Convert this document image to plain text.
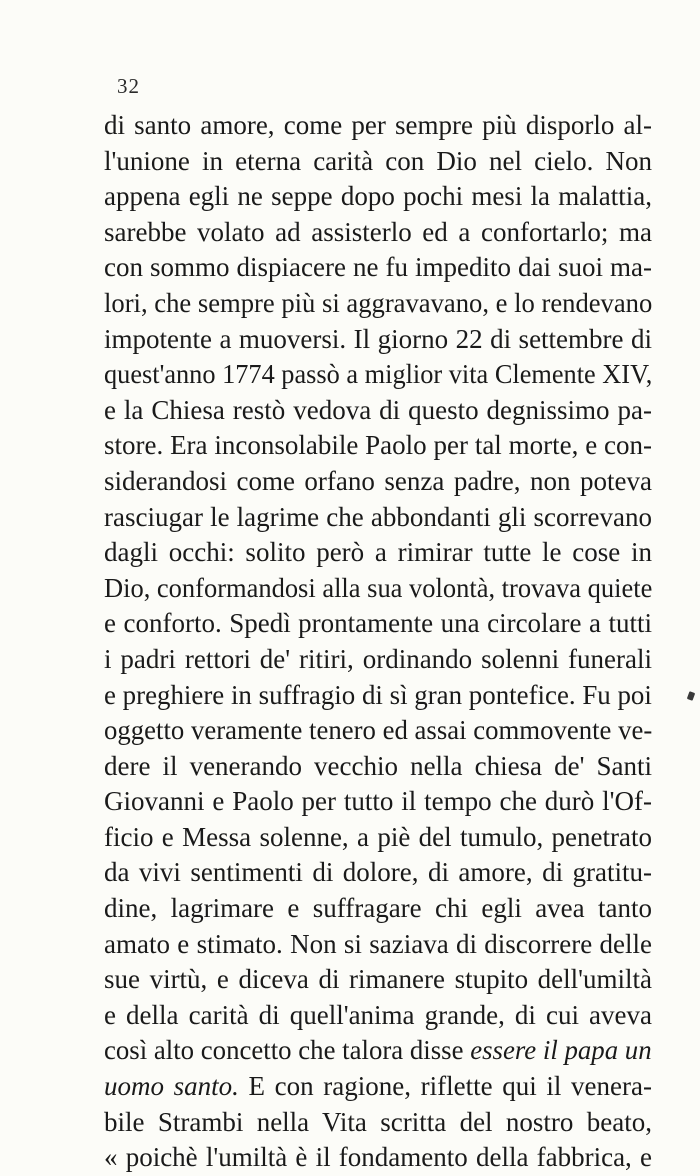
32
di santo amore, come per sempre più disporlo al-
l'unione in eterna carità con Dio nel cielo. Non
appena egli ne seppe dopo pochi mesi la malattia,
sarebbe volato ad assisterlo ed a confortarlo; ma
con sommo dispiacere ne fu impedito dai suoi ma-
lori, che sempre più si aggravavano, e lo rendevano
impotente a muoversi. Il giorno 22 di settembre di
quest'anno 1774 passò a miglior vita Clemente XIV,
e la Chiesa restò vedova di questo degnissimo pa-
store. Era inconsolabile Paolo per tal morte, e con-
siderandosi come orfano senza padre, non poteva
rasciugar le lagrime che abbondanti gli scorrevano
dagli occhi: solito però a rimirar tutte le cose in
Dio, conformandosi alla sua volontà, trovava quiete
e conforto. Spedì prontamente una circolare a tutti
i padri rettori de' ritiri, ordinando solenni funerali
e preghiere in suffragio di sì gran pontefice. Fu poi
oggetto veramente tenero ed assai commovente ve-
dere il venerando vecchio nella chiesa de' Santi
Giovanni e Paolo per tutto il tempo che durò l'Of-
ficio e Messa solenne, a piè del tumulo, penetrato
da vivi sentimenti di dolore, di amore, di gratitu-
dine, lagrimare e suffragare chi egli avea tanto
amato e stimato. Non si saziava di discorrere delle
sue virtù, e diceva di rimanere stupito dell'umiltà
e della carità di quell'anima grande, di cui aveva
così alto concetto che talora disse essere il papa un
uomo santo. E con ragione, riflette qui il venera-
bile Strambi nella Vita scritta del nostro beato,
« poichè l'umiltà è il fondamento della fabbrica, e
